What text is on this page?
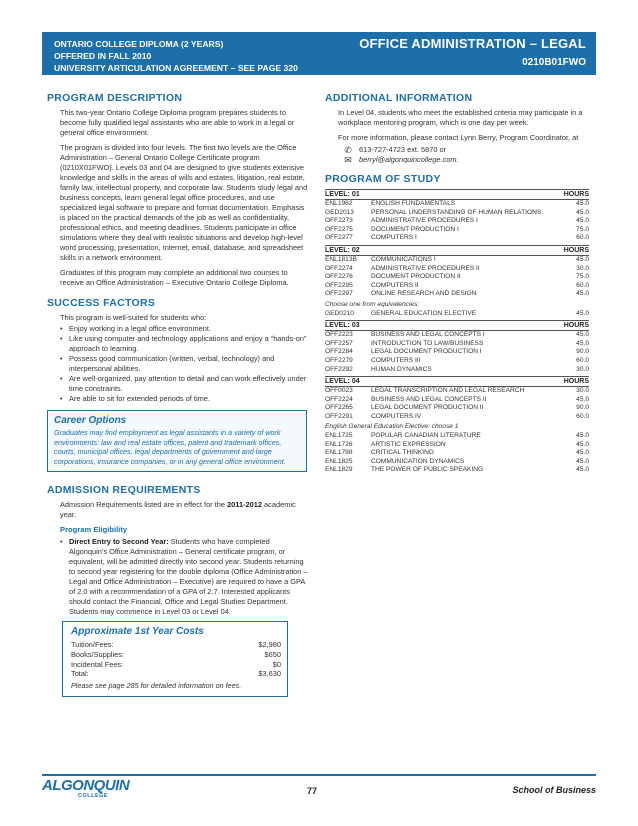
ONTARIO COLLEGE DIPLOMA (2 YEARS)
OFFERED IN FALL 2010
UNIVERSITY ARTICULATION AGREEMENT – SEE PAGE 320
OFFICE ADMINISTRATION – LEGAL
0210B01FWO
PROGRAM DESCRIPTION

This two-year Ontario College Diploma program prepares students to become fully qualified legal assistants who are able to work in a legal or general office environment.

The program is divided into four levels. The first two levels are the Office Administration – General Ontario College Certificate program (0210X01FWO). Levels 03 and 04 are designed to give students extensive knowledge and skills in the areas of wills and estates, litigation, real estate, family law, intellectual property, and corporate law. Students study legal and business concepts, learn general legal office procedures, and use specialized legal software to prepare and format documentation. Emphasis is placed on the practical demands of the job as well as confidentiality, professional ethics, and meeting deadlines. Students participate in office simulations where they deal with realistic situations and develop high-level word processing, presentation, Internet, email, database, and spreadsheet skills in a network environment.

Graduates of this program may complete an additional two courses to receive an Office Administration – Executive Ontario College Diploma.

SUCCESS FACTORS

This program is well-suited for students who:

• Enjoy working in a legal office environment.
• Like using computer and technology applications and enjoy a “hands-on” approach to learning.
• Possess good communication (written, verbal, technology) and interpersonal abilities.
• Are well-organized, pay attention to detail and can work effectively under time constraints.
• Are able to sit for extended periods of time.
Career Options
Graduates may find employment as legal assistants in a variety of work environments: law and real estate offices, patent and trademark offices, courts, municipal offices, legal departments of government and large corporations, insurance companies, or in any general office environment.
ADMISSION REQUIREMENTS

Admission Requirements listed are in effect for the 2011-2012 academic year.

Program Eligibility
• Direct Entry to Second Year: Students who have completed Algonquin’s Office Administration – General certificate program, or equivalent, will be admitted directly into second year. Students returning to second year registering for the double diploma (Office Administration – Legal and Office Administration – Executive) are required to have a GPA of 2.0 with a recommendation of a GPA of 2.7. Interested applicants should contact the Financial, Office and Legal Studies Department. Students may commence in Level 03 or Level 04.
Approximate 1st Year Costs
Tuition/Fees:	$2,980
Books/Supplies:	$650
Incidental Fees:	$0
Total:	$3,630
Please see page 285 for detailed information on fees.
ADDITIONAL INFORMATION

In Level 04, students who meet the established criteria may participate in a workplace mentoring program, which is one day per week.

For more information, please contact Lynn Berry, Program Coordinator, at

✆ 613-727-4723 ext. 5870 or
✉ berryl@algonquincollege.com.
PROGRAM OF STUDY
LEVEL: 01	HOURS
ENL1962	ENGLISH FUNDAMENTALS	45.0
GED2013	PERSONAL UNDERSTANDING OF HUMAN RELATIONS	45.0
OFF2273	ADMINISTRATIVE PROCEDURES I	45.0
OFF2275	DOCUMENT PRODUCTION I	75.0
OFF2277	COMPUTERS I	60.0
LEVEL: 02	HOURS
ENL1813B	COMMUNICATIONS I	45.0
OFF2274	ADMINISTRATIVE PROCEDURES II	30.0
OFF2276	DOCUMENT PRODUCTION II	75.0
OFF2295	COMPUTERS II	60.0
OFF2297	ONLINE RESEARCH AND DESIGN	45.0
Choose one from equivalencies:
GED0210	GENERAL EDUCATION ELECTIVE	45.0
LEVEL: 03	HOURS
OFF2223	BUSINESS AND LEGAL CONCEPTS I	45.0
OFF2257	INTRODUCTION TO LAW/BUSINESS	45.0
OFF2284	LEGAL DOCUMENT PRODUCTION I	90.0
OFF2279	COMPUTERS III	60.0
OFF2292	HUMAN DYNAMICS	30.0
LEVEL: 04	HOURS
OFF0023	LEGAL TRANSCRIPTION AND LEGAL RESEARCH	30.0
OFF2224	BUSINESS AND LEGAL CONCEPTS II	45.0
OFF2265	LEGAL DOCUMENT PRODUCTION II	90.0
OFF2291	COMPUTERS IV	60.0
English General Education Elective: choose 1
ENL1725	POPULAR CANADIAN LITERATURE	45.0
ENL1726	ARTISTIC EXPRESSION	45.0
ENL1798	CRITICAL THINKING	45.0
ENL1825	COMMUNICATION DYNAMICS	45.0
ENL1829	THE POWER OF PUBLIC SPEAKING	45.0
ALGONQUIN
COLLEGE	77	School of Business
